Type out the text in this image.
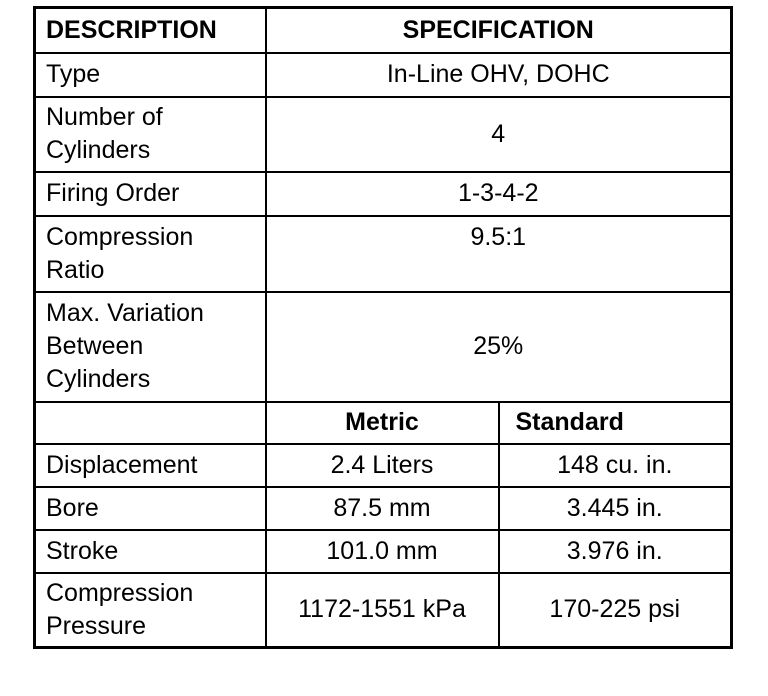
DESCRIPTION	SPECIFICATION	
Type	In-Line OHV, DOHC	
Number of
Cylinders	4	
Firing Order	1-3-4-2	
Compression
Ratio	9.5:1	
Max. Variation
Between
Cylinders	25%	
	Metric	Standard
Displacement	2.4 Liters	148 cu. in.
Bore	87.5 mm	3.445 in.
Stroke	101.0 mm	3.976 in.
Compression
Pressure	1172-1551 kPa	170-225 psi
